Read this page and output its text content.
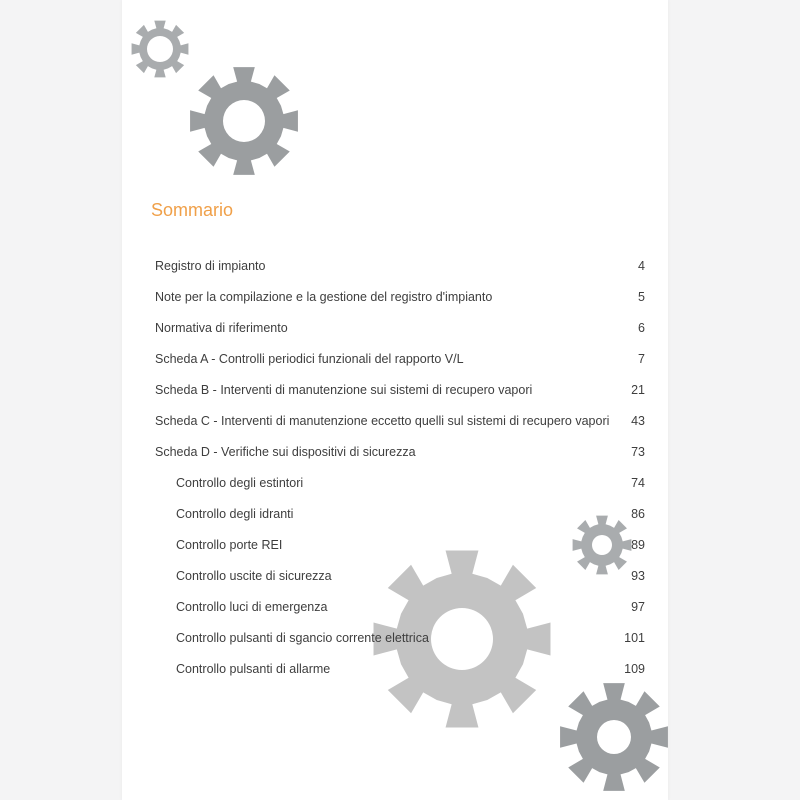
Sommario
Registro di impianto	4
Note per la compilazione e la gestione del registro d'impianto	5
Normativa di riferimento	6
Scheda A - Controlli periodici funzionali del rapporto V/L	7
Scheda B - Interventi di manutenzione sui sistemi di recupero vapori	21
Scheda C - Interventi di manutenzione eccetto quelli sul sistemi di recupero vapori 43
Scheda D - Verifiche sui dispositivi di sicurezza	73
Controllo degli estintori	74
Controllo degli idranti	86
Controllo porte REI	89
Controllo uscite di sicurezza	93
Controllo luci di emergenza	97
Controllo pulsanti di sgancio corrente elettrica	101
Controllo pulsanti di allarme	109
